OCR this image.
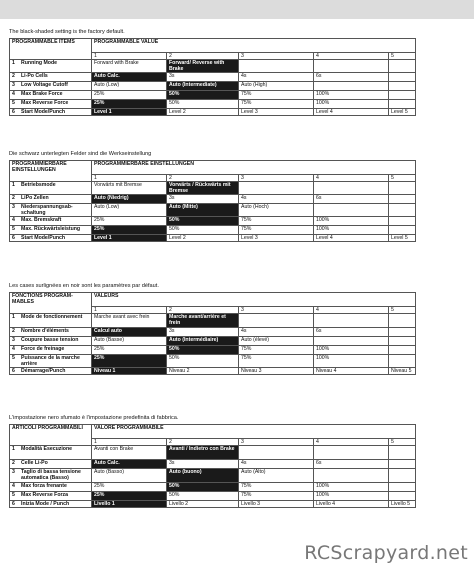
The black-shaded setting is the factory default.
PROGRAMMABLE ITEMS	PROGRAMMABLE VALUE				
	1	2	3	4	5
1 Running Mode	Forward with Brake	Forward/ Reverse with Brake			
2 Li-Po Cells	Auto Calc.	3s	4s	6s	
3 Low Voltage Cutoff	Auto (Low)	Auto (Intermediate)	Auto (High)		
4 Max Brake Force	25%	50%	75%	100%	
5 Max Reverse Force	25%	50%	75%	100%	
6 Start Mode/Punch	Level 1	Level 2	Level 3	Level 4	Level 5
Die schwarz unterlegten Felder sind die Werkseinstellung
PROGRAMMIERBARE EINSTELLUNGEN	PROGRAMMIERBARE EINSTELLUNGEN				
	1	2	3	4	5
1 Betriebsmode	Vorwärts mit Bremse	Vorwärts / Rückwärts mit Bremse			
2 LiPo Zellen	Auto (Niedrig)	3s	4s	6s	
3 Niederspannungsab-schaltung	Auto (Low)	Auto (Mitte)	Auto (Hoch)		
4 Max. Bremskraft	25%	50%	75%	100%	
5 Max. Rückwärtsleistung	25%	50%	75%	100%	
6 Start Mode/Punch	Level 1	Level 2	Level 3	Level 4	Level 5
Les cases surlignées en noir sont les paramètres par défaut.
FONCTIONS PROGRAM-MABLES	VALEURS				
	1	2	3	4	5
1 Mode de fonctionnement	Marche avant avec frein	Marche avant/arrière et frein			
2 Nombre d'éléments	Calcul auto	3s	4s	6s	
3 Coupure basse tension	Auto (Basse)	Auto (Intermédiaire)	Auto (élevé)		
4 Force de freinage	25%	50%	75%	100%	
5 Puissance de la marche arrière	25%	50%	75%	100%	
6 Démarrage/Punch	Niveau 1	Niveau 2	Niveau 3	Niveau 4	Niveau 5
L'impostazione nero sfumato è l'impostazione predefinita di fabbrica.
ARTICOLI PROGRAMMABILI	VALORE PROGRAMMABILE				
	1	2	3	4	5
1 Modalità Esecuzione	Avanti con Brake	Avanti / Indietro con Brake			
2 Celle Li-Po	Auto Calc.	3s	4s	6s	
3 Taglio di bassa tensione automatica (Basso)	Auto (Basso)	Auto (buono)	Auto (Alto)		
4 Max forza frenante	25%	50%	75%	100%	
5 Max Reverse Forza	25%	50%	75%	100%	
6 Inizia Mode / Punch	Livello 1	Livello 2	Livello 3	Livello 4	Livello 5
RCScrapyard.net
